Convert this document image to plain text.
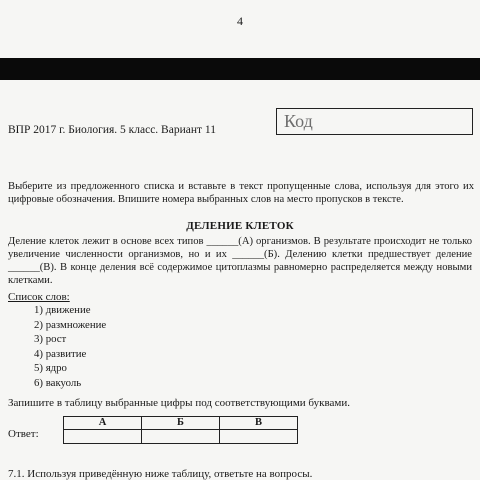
4
ВПР 2017 г. Биология. 5 класс. Вариант 11	Код
Выберите из предложенного списка и вставьте в текст пропущенные слова, используя для этого их цифровые обозначения. Впишите номера выбранных слов на место пропусков в тексте.
ДЕЛЕНИЕ КЛЕТОК
Деление клеток лежит в основе всех типов ______(А) организмов. В результате происходит не только увеличение численности организмов, но и их ______(Б). Делению клетки предшествует деление ______(В). В конце деления всё содержимое цитоплазмы равномерно распределяется между новыми клетками.
Список слов:
1) движение
2) размножение
3) рост
4) развитие
5) ядро
6) вакуоль
Запишите в таблицу выбранные цифры под соответствующими буквами.
Ответ:
А	Б	В

7.1. Используя приведённую ниже таблицу, ответьте на вопросы.
